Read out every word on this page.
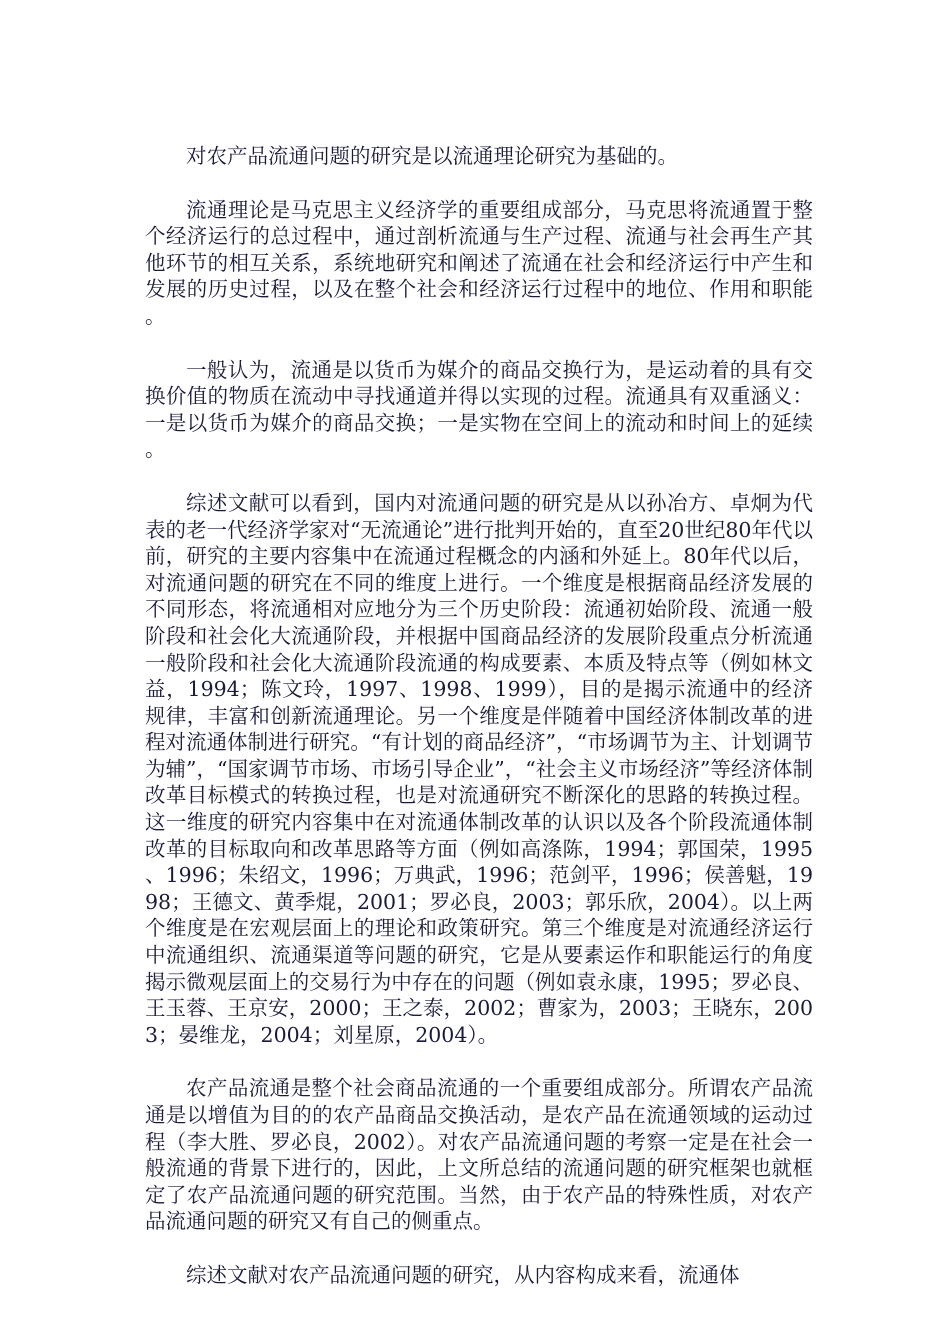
对农产品流通问题的研究是以流通理论研究为基础的。

流通理论是马克思主义经济学的重要组成部分，马克思将流通置于整个经济运行的总过程中，通过剖析流通与生产过程、流通与社会再生产其他环节的相互关系，系统地研究和阐述了流通在社会和经济运行中产生和发展的历史过程，以及在整个社会和经济运行过程中的地位、作用和职能。

一般认为，流通是以货币为媒介的商品交换行为，是运动着的具有交换价值的物质在流动中寻找通道并得以实现的过程。流通具有双重涵义：一是以货币为媒介的商品交换；一是实物在空间上的流动和时间上的延续。

综述文献可以看到，国内对流通问题的研究是从以孙冶方、卓炯为代表的老一代经济学家对“无流通论”进行批判开始的，直至20世纪80年代以前，研究的主要内容集中在流通过程概念的内涵和外延上。80年代以后，对流通问题的研究在不同的维度上进行。一个维度是根据商品经济发展的不同形态，将流通相对应地分为三个历史阶段：流通初始阶段、流通一般阶段和社会化大流通阶段，并根据中国商品经济的发展阶段重点分析流通一般阶段和社会化大流通阶段流通的构成要素、本质及特点等（例如林文益，1994；陈文玲，1997、1998、1999），目的是揭示流通中的经济规律，丰富和创新流通理论。另一个维度是伴随着中国经济体制改革的进程对流通体制进行研究。“有计划的商品经济”，“市场调节为主、计划调节为辅”，“国家调节市场、市场引导企业”，“社会主义市场经济”等经济体制改革目标模式的转换过程，也是对流通研究不断深化的思路的转换过程。这一维度的研究内容集中在对流通体制改革的认识以及各个阶段流通体制改革的目标取向和改革思路等方面（例如高涤陈，1994；郭国荣，1995、1996；朱绍文，1996；万典武，1996；范剑平，1996；侯善魁，1998；王德文、黄季焜，2001；罗必良，2003；郭乐欣，2004）。以上两个维度是在宏观层面上的理论和政策研究。第三个维度是对流通经济运行中流通组织、流通渠道等问题的研究，它是从要素运作和职能运行的角度揭示微观层面上的交易行为中存在的问题（例如袁永康，1995；罗必良、王玉蓉、王京安，2000；王之泰，2002；曹家为，2003；王晓东，2003；晏维龙，2004；刘星原，2004）。

农产品流通是整个社会商品流通的一个重要组成部分。所谓农产品流通是以增值为目的的农产品商品交换活动，是农产品在流通领域的运动过程（李大胜、罗必良，2002）。对农产品流通问题的考察一定是在社会一般流通的背景下进行的，因此，上文所总结的流通问题的研究框架也就框定了农产品流通问题的研究范围。当然，由于农产品的特殊性质，对农产品流通问题的研究又有自己的侧重点。

综述文献对农产品流通问题的研究，从内容构成来看，流通体
